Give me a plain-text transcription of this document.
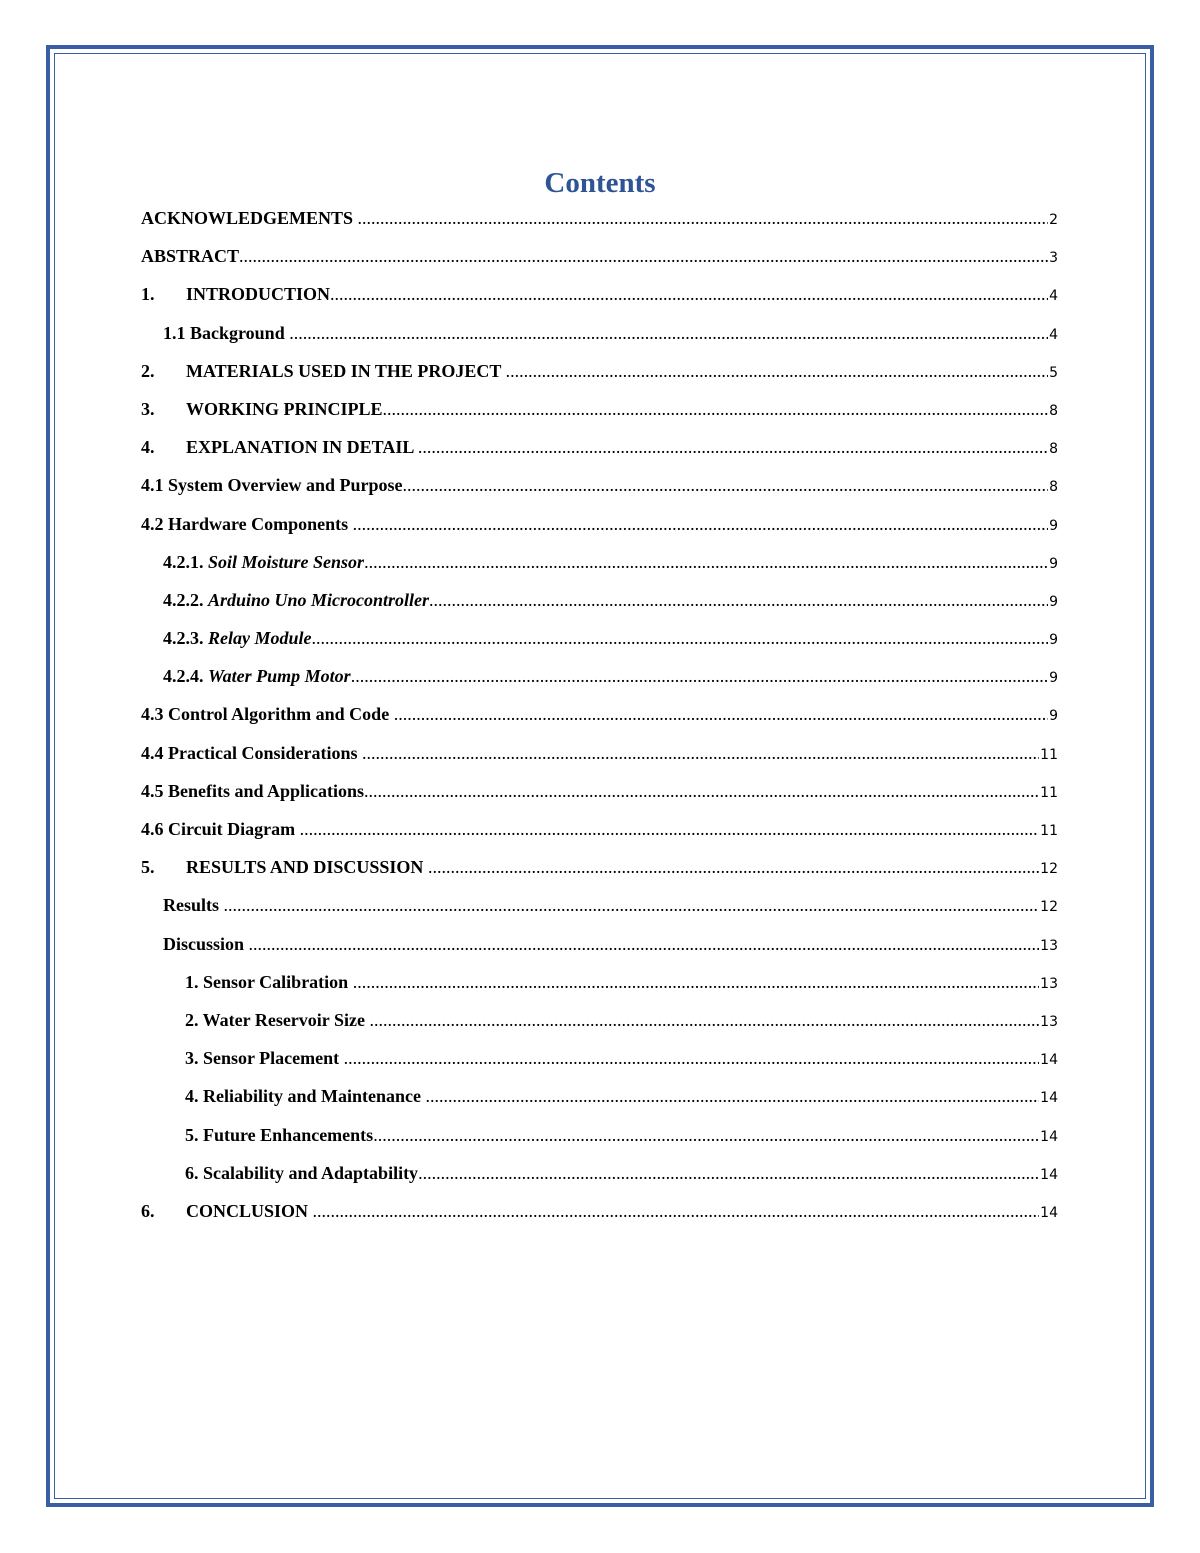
Contents
ACKNOWLEDGEMENTS .....	2
ABSTRACT .....	3
1.	INTRODUCTION .....	4
1.1 Background .....	4
2.	MATERIALS USED IN THE PROJECT .....	5
3.	WORKING PRINCIPLE .....	8
4.	EXPLANATION IN DETAIL .....	8
4.1 System Overview and Purpose .....	8
4.2 Hardware Components .....	9
4.2.1. Soil Moisture Sensor .....	9
4.2.2. Arduino Uno Microcontroller .....	9
4.2.3. Relay Module .....	9
4.2.4. Water Pump Motor .....	9
4.3 Control Algorithm and Code .....	9
4.4 Practical Considerations .....	11
4.5 Benefits and Applications .....	11
4.6 Circuit Diagram .....	11
5.	RESULTS AND DISCUSSION .....	12
Results .....	12
Discussion .....	13
1. Sensor Calibration .....	13
2. Water Reservoir Size .....	13
3. Sensor Placement .....	14
4. Reliability and Maintenance .....	14
5. Future Enhancements .....	14
6. Scalability and Adaptability .....	14
6.	CONCLUSION .....	14
